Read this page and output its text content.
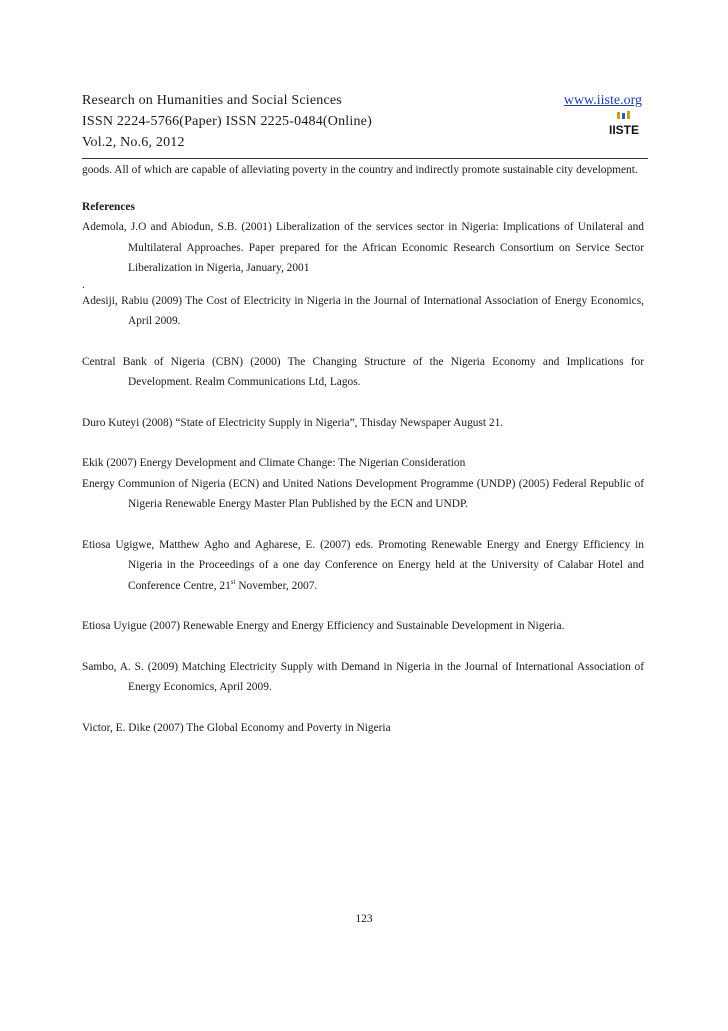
Research on Humanities and Social Sciences
ISSN 2224-5766(Paper) ISSN 2225-0484(Online)
Vol.2, No.6, 2012
www.iiste.org
IISTE

goods. All of which are capable of alleviating poverty in the country and indirectly promote sustainable city development.

References

Ademola, J.O and Abiodun, S.B. (2001) Liberalization of the services sector in Nigeria: Implications of Unilateral and Multilateral Approaches. Paper prepared for the African Economic Research Consortium on Service Sector Liberalization in Nigeria, January, 2001

.

Adesiji, Rabiu (2009) The Cost of Electricity in Nigeria in the Journal of International Association of Energy Economics, April 2009.

Central Bank of Nigeria (CBN) (2000) The Changing Structure of the Nigeria Economy and Implications for Development. Realm Communications Ltd, Lagos.

Duro Kuteyi (2008) “State of Electricity Supply in Nigeria”, Thisday Newspaper August 21.

Ekik (2007) Energy Development and Climate Change: The Nigerian Consideration

Energy Communion of Nigeria (ECN) and United Nations Development Programme (UNDP) (2005) Federal Republic of Nigeria Renewable Energy Master Plan Published by the ECN and UNDP.

Etiosa Ugigwe, Matthew Agho and Agharese, E. (2007) eds. Promoting Renewable Energy and Energy Efficiency in Nigeria in the Proceedings of a one day Conference on Energy held at the University of Calabar Hotel and Conference Centre, 21st November, 2007.

Etiosa Uyigue (2007) Renewable Energy and Energy Efficiency and Sustainable Development in Nigeria.

Sambo, A. S. (2009) Matching Electricity Supply with Demand in Nigeria in the Journal of International Association of Energy Economics, April 2009.

Victor, E. Dike (2007) The Global Economy and Poverty in Nigeria

123
